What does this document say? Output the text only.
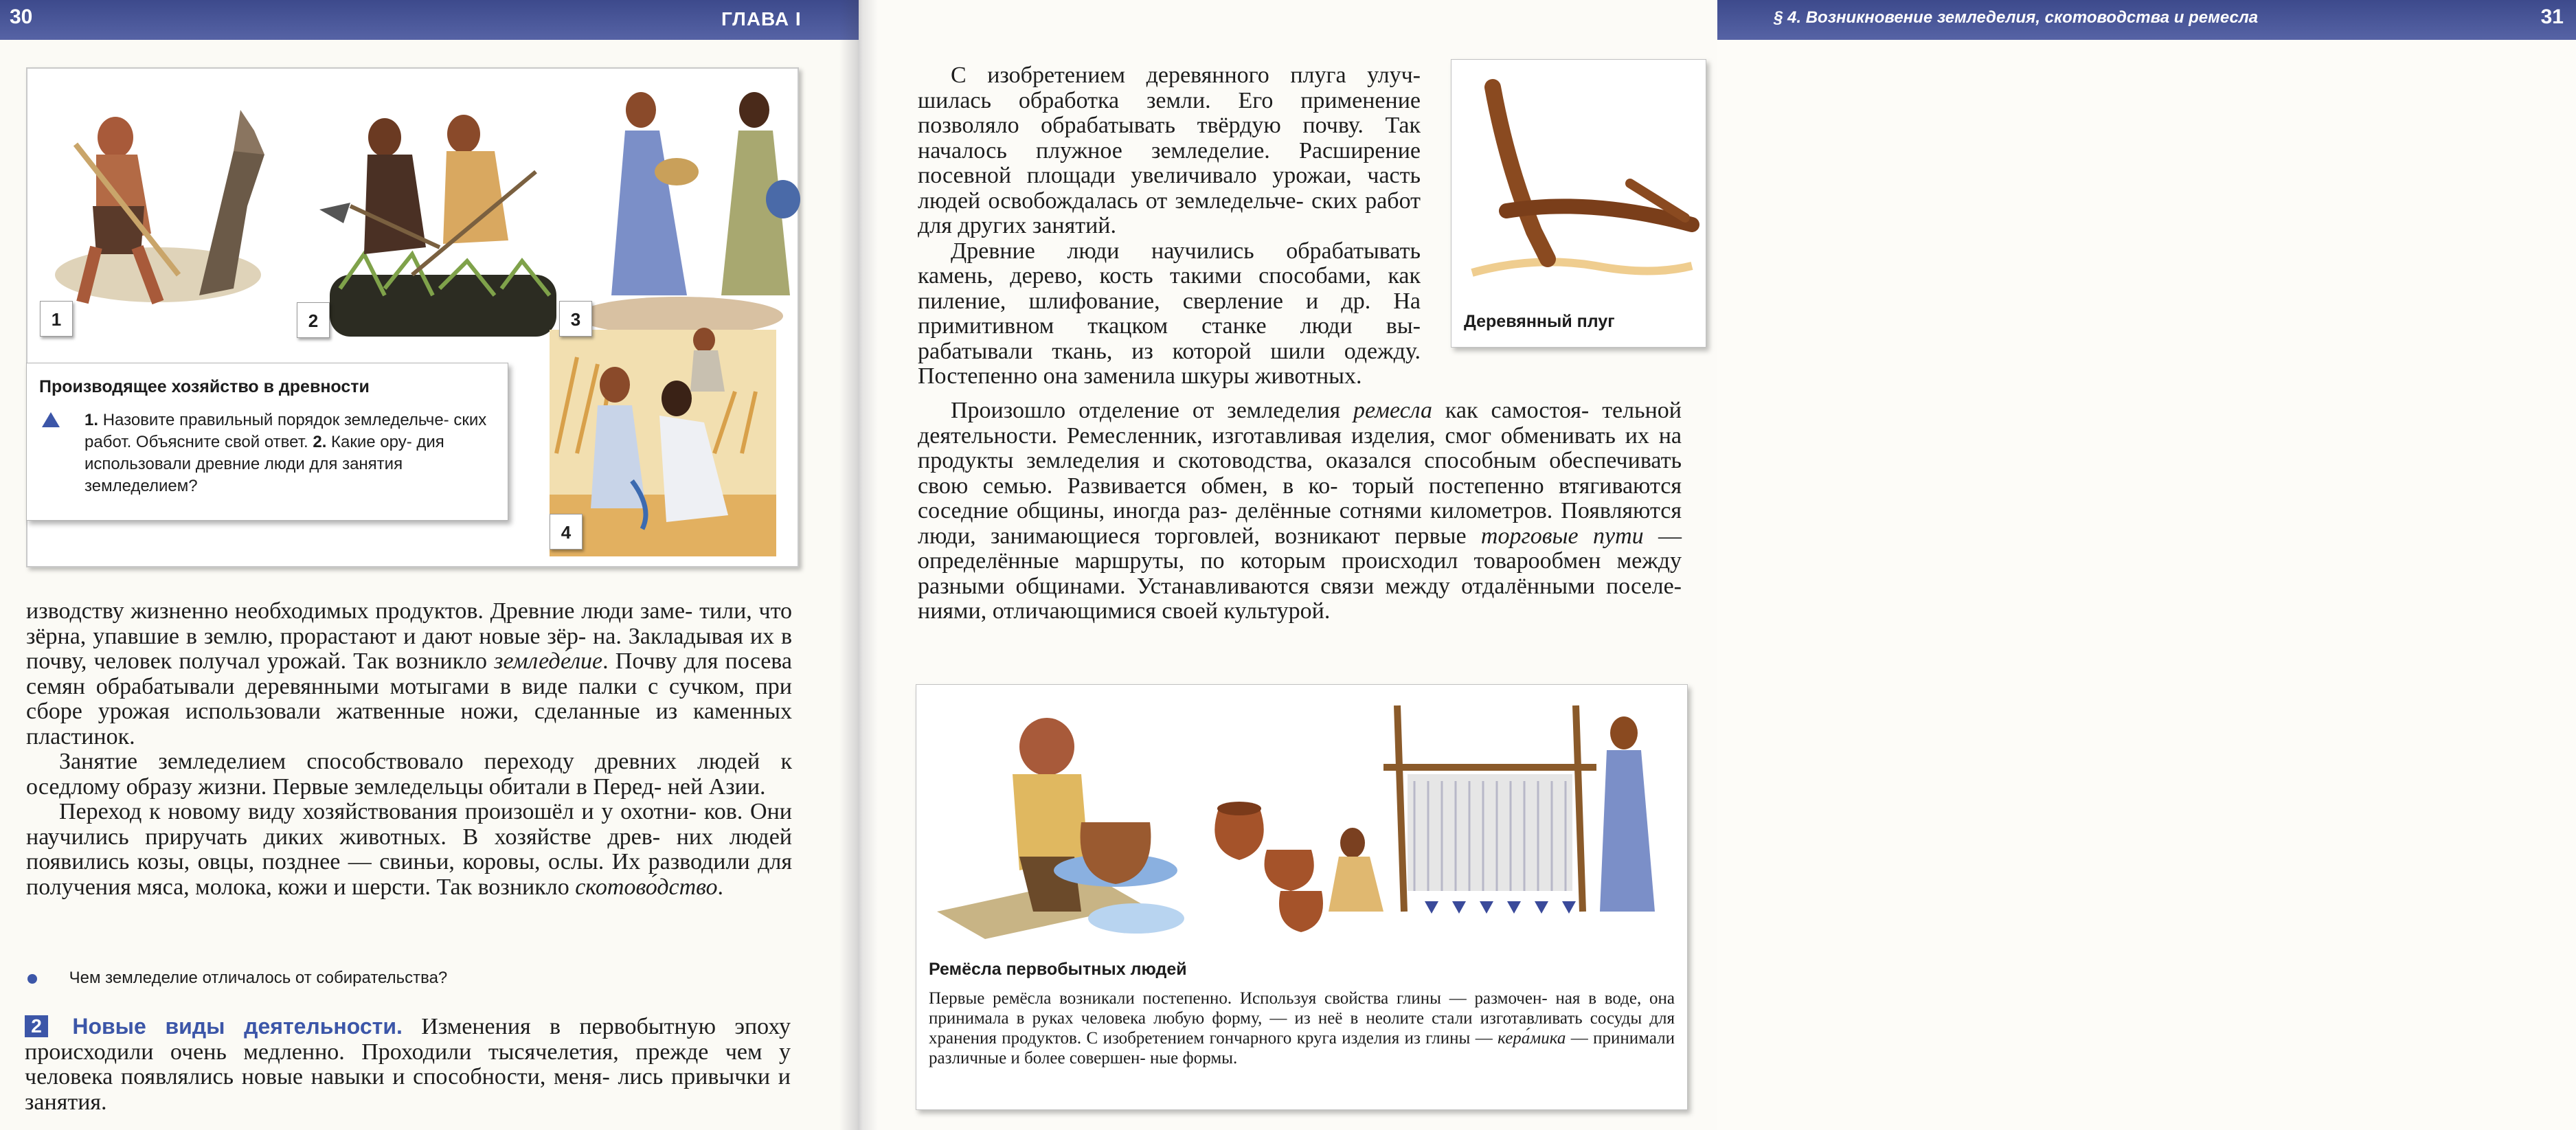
30	ГЛАВА I
1	2	3
4
Производящее хозяйство в древности
1. Назовите правильный порядок земледельче- ских работ. Объясните свой ответ. 2. Какие ору- дия использовали древние люди для занятия земледелием?

изводству жизненно необходимых продуктов. Древние люди заме- тили, что зёрна, упавшие в землю, прорастают и дают новые зёр- на. Закладывая их в почву, человек получал урожай. Так возникло земледе́лие. Почву для посева семян обрабатывали деревянными мотыгами в виде палки с сучком, при сборе урожая использовали жатвенные ножи, сделанные из каменных пластинок.

Занятие земледелием способствовало переходу древних людей к оседлому образу жизни. Первые земледельцы обитали в Перед- ней Азии.

Переход к новому виду хозяйствования произошёл и у охотни- ков. Они научились приручать диких животных. В хозяйстве древ- них людей появились козы, овцы, позднее — свиньи, коровы, ослы. Их разводили для получения мяса, молока, кожи и шерсти. Так возникло скотово́дство.

Чем земледелие отличалось от собирательства?
2 Новые виды деятельности. Изменения в первобытную эпоху происходили очень медленно. Проходили тысячелетия, прежде чем у человека появлялись новые навыки и способности, меня- лись привычки и занятия.
§ 4. Возникновение земледелия, скотоводства и ремесла	31

С изобретением деревянного плуга улуч- шилась обработка земли. Его применение позволяло обрабатывать твёрдую почву. Так началось плужное земледелие. Расширение посевной площади увеличивало урожаи, часть людей освобождалась от земледельче- ских работ для других занятий.

Древние люди научились обрабатывать камень, дерево, кость такими способами, как пиление, шлифование, сверление и др. На примитивном ткацком станке люди вы- рабатывали ткань, из которой шили одежду. Постепенно она заменила шкуры животных.

Произошло отделение от земледелия ремесла как самостоя- тельной деятельности. Ремесленник, изготавливая изделия, смог обменивать их на продукты земледелия и скотоводства, оказался способным обеспечивать свою семью. Развивается обмен, в ко- торый постепенно втягиваются соседние общины, иногда раз- делённые сотнями километров. Появляются люди, занимающиеся торговлей, возникают первые торговые пути — определённые маршруты, по которым происходил товарообмен между разными общинами. Устанавливаются связи между отдалёнными поселе- ниями, отличающимися своей культурой.

Деревянный плуг
Ремёсла первобытных людей
Первые ремёсла возникали постепенно. Используя свойства глины — размочен- ная в воде, она принимала в руках человека любую форму, — из неё в неолите стали изготавливать сосуды для хранения продуктов. С изобретением гончарного круга изделия из глины — кера́мика — принимали различные и более совершен- ные формы.
